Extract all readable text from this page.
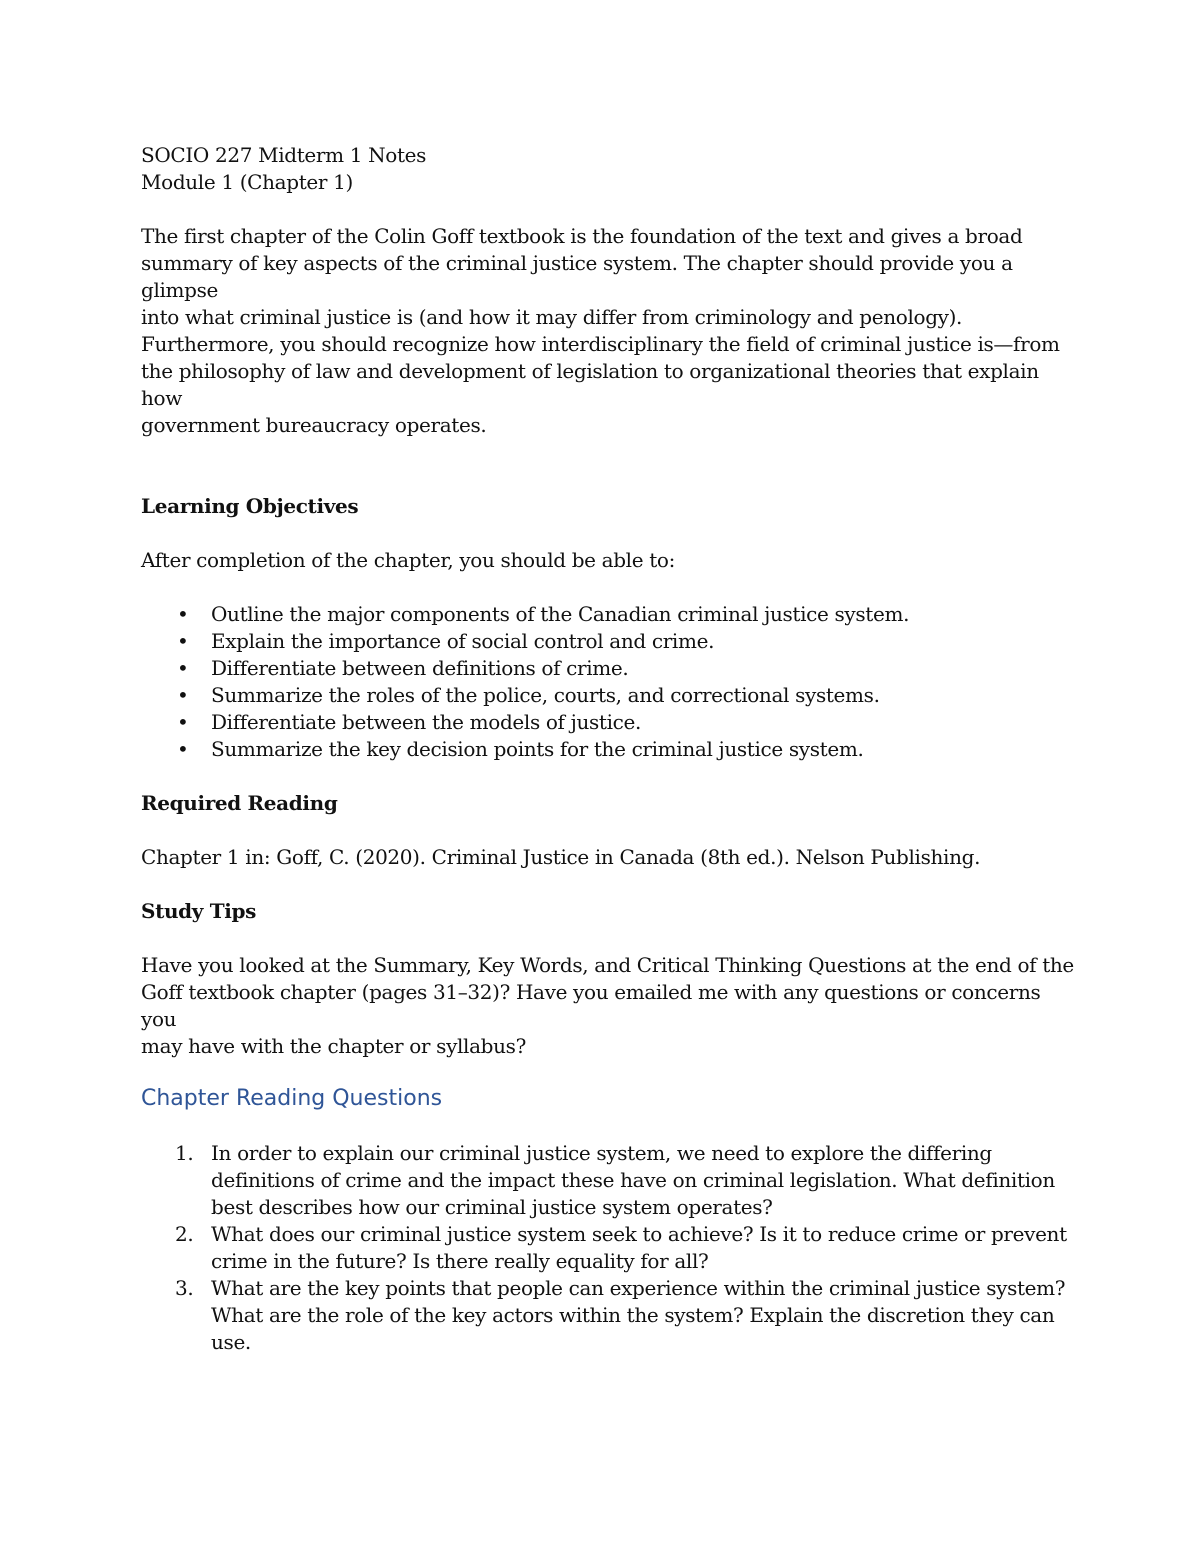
SOCIO 227 Midterm 1 Notes

Module 1 (Chapter 1)

The first chapter of the Colin Goff textbook is the foundation of the text and gives a broad
summary of key aspects of the criminal justice system. The chapter should provide you a glimpse
into what criminal justice is (and how it may differ from criminology and penology).
Furthermore, you should recognize how interdisciplinary the field of criminal justice is—from
the philosophy of law and development of legislation to organizational theories that explain how
government bureaucracy operates.

Learning Objectives

After completion of the chapter, you should be able to:

• Outline the major components of the Canadian criminal justice system.
• Explain the importance of social control and crime.
• Differentiate between definitions of crime.
• Summarize the roles of the police, courts, and correctional systems.
• Differentiate between the models of justice.
• Summarize the key decision points for the criminal justice system.

Required Reading

Chapter 1 in: Goff, C. (2020). Criminal Justice in Canada (8th ed.). Nelson Publishing.

Study Tips

Have you looked at the Summary, Key Words, and Critical Thinking Questions at the end of the
Goff textbook chapter (pages 31–32)? Have you emailed me with any questions or concerns you
may have with the chapter or syllabus?

Chapter Reading Questions

1. In order to explain our criminal justice system, we need to explore the differing
definitions of crime and the impact these have on criminal legislation. What definition
best describes how our criminal justice system operates?
2. What does our criminal justice system seek to achieve? Is it to reduce crime or prevent
crime in the future? Is there really equality for all?
3. What are the key points that people can experience within the criminal justice system?
What are the role of the key actors within the system? Explain the discretion they can
use.
